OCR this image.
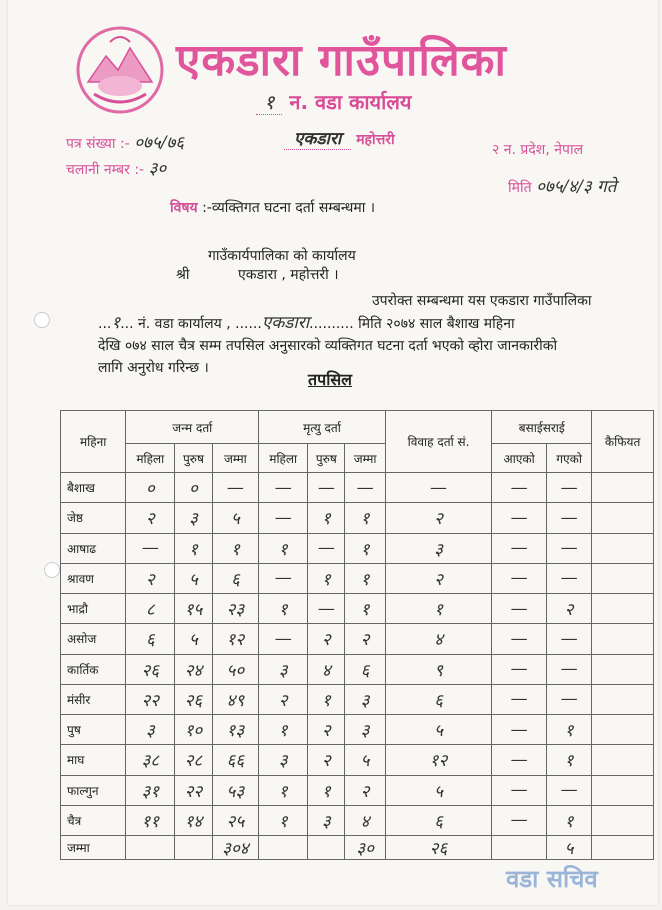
एकडारा गाउँपालिका
१ न. वडा कार्यालय
पत्र संख्या :- ०७५/७६
चलानी नम्बर :- ३०
एकडारा महोत्तरी
२ न. प्रदेश, नेपाल
मिति ०७५/४/३ गते
विषय :-व्यक्तिगत घटना दर्ता सम्बन्धमा ।
गाउँकार्यपालिका को कार्यालय
श्री	एकडारा , महोत्तरी ।
उपरोक्त सम्बन्धमा यस एकडारा गाउँपालिका
...१... नं. वडा कार्यालय , ......एकडारा.......... मिति २०७४ साल बैशाख महिना
देखि ०७४ साल चैत्र सम्म तपसिल अनुसारको व्यक्तिगत घटना दर्ता भएको व्होरा जानकारीको
लागि अनुरोध गरिन्छ ।
तपसिल
महिना	जन्म दर्ता			मृत्यु दर्ता			विवाह दर्ता सं.	बसाईसराई		कैफियत
	महिला	पुरुष	जम्मा	महिला	पुरुष	जम्मा		आएको	गएको	
बैशाख	०	०	—	—	—	—	—	—	—	
जेष्ठ	२	३	५	—	१	१	२	—	—	
आषाढ	—	१	१	१	—	१	३	—	—	
श्रावण	२	५	६	—	१	१	२	—	—	
भाद्रौ	८	१५	२३	१	—	१	१	—	२	
असोज	६	५	१२	—	२	२	४	—	—	
कार्तिक	२६	२४	५०	३	४	६	९	—	—	
मंसीर	२२	२६	४९	२	१	३	६	—	—	
पुष	३	१०	१३	१	२	३	५	—	१	
माघ	३८	२८	६६	३	२	५	१२	—	१	
फाल्गुन	३१	२२	५३	१	१	२	५	—	—	
चैत्र	११	१४	२५	१	३	४	६	—	१	
जम्मा			३०४			३०	२६		५	
वडा सचिव
